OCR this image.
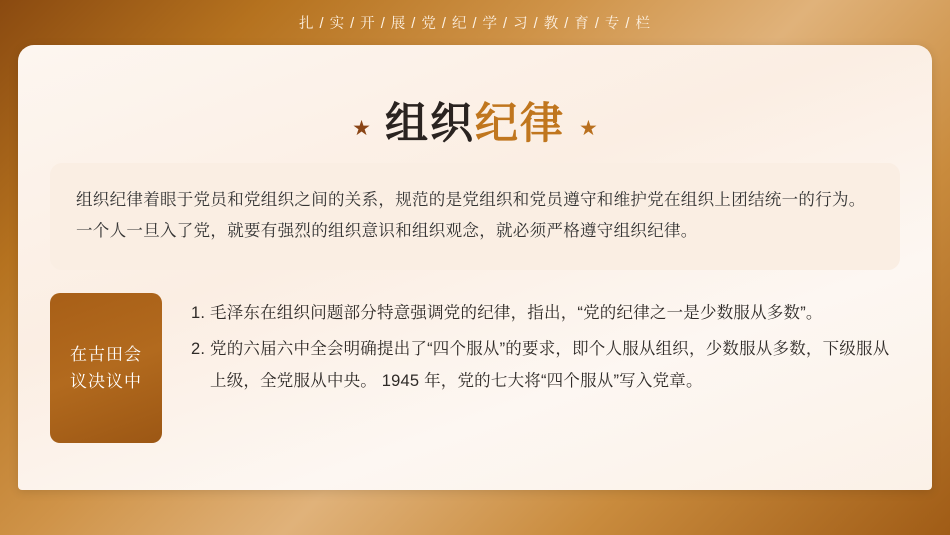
扎 / 实 / 开 / 展 / 党 / 纪 / 学 / 习 / 教 / 育 / 专 / 栏
★ 组织纪律 ★

组织纪律着眼于党员和党组织之间的关系，规范的是党组织和党员遵守和维护党在组织上团结统一的行为。一个人一旦入了党，就要有强烈的组织意识和组织观念，就必须严格遵守组织纪律。

在古田会议决议中
1. 毛泽东在组织问题部分特意强调党的纪律，指出，“党的纪律之一是少数服从多数”。
2. 党的六届六中全会明确提出了“四个服从”的要求，即个人服从组织，少数服从多数，下级服从上级，全党服从中央。 1945 年，党的七大将“四个服从”写入党章。
